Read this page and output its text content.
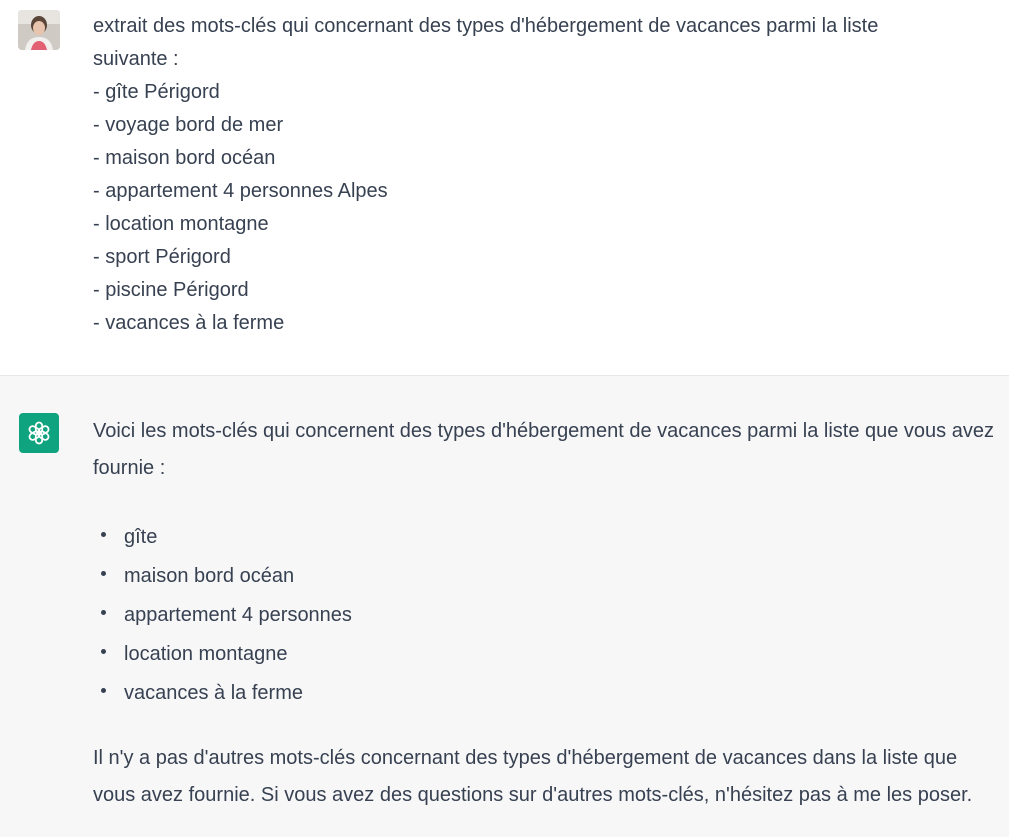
extrait des mots-clés qui concernant des types d'hébergement de vacances parmi la liste
suivante :
- gîte Périgord
- voyage bord de mer
- maison bord océan
- appartement 4 personnes Alpes
- location montagne
- sport Périgord
- piscine Périgord
- vacances à la ferme
Voici les mots-clés qui concernent des types d'hébergement de vacances parmi la liste que vous avez fournie :
gîte
maison bord océan
appartement 4 personnes
location montagne
vacances à la ferme
Il n'y a pas d'autres mots-clés concernant des types d'hébergement de vacances dans la liste que vous avez fournie. Si vous avez des questions sur d'autres mots-clés, n'hésitez pas à me les poser.
